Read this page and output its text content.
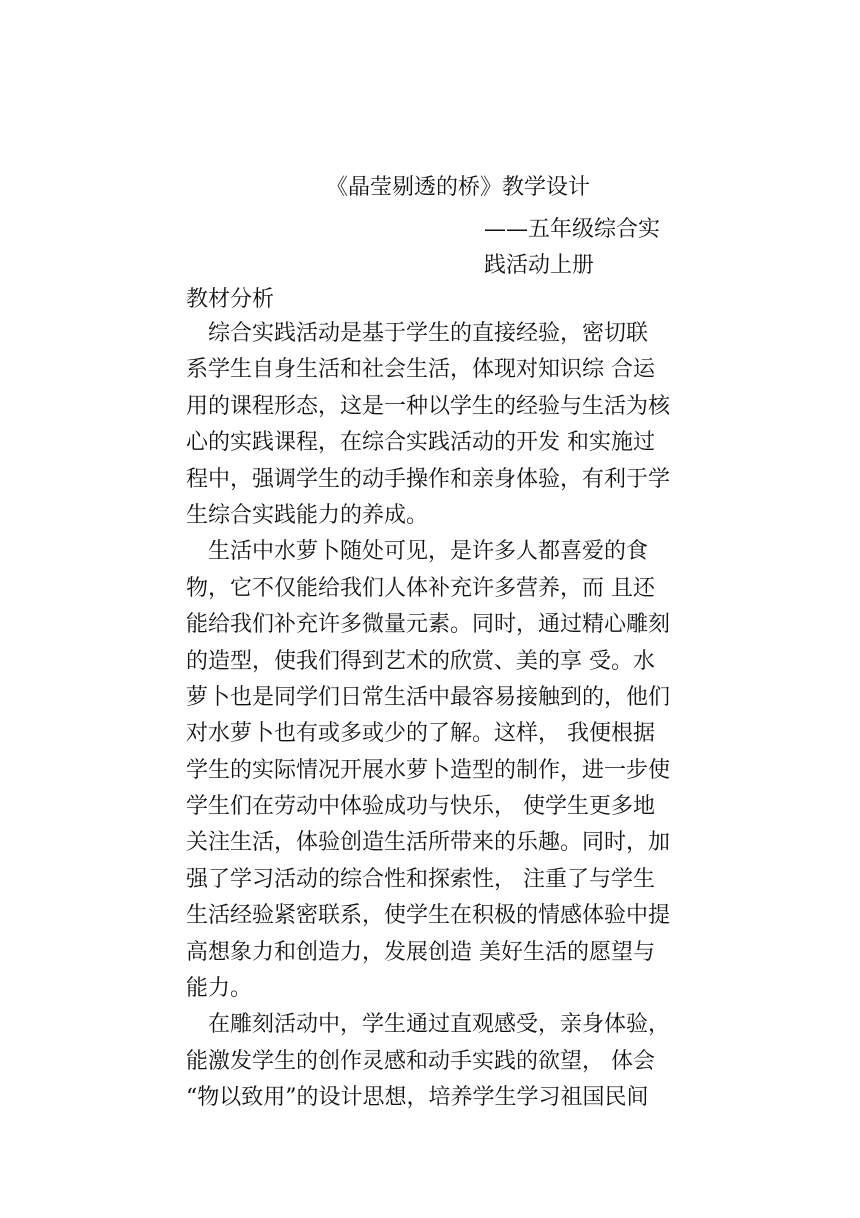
《晶莹剔透的桥》教学设计
——五年级综合实
践活动上册
教材分析
　综合实践活动是基于学生的直接经验，密切联
系学生自身生活和社会生活，体现对知识综 合运
用的课程形态，这是一种以学生的经验与生活为核
心的实践课程，在综合实践活动的开发 和实施过
程中，强调学生的动手操作和亲身体验，有利于学
生综合实践能力的养成。
　生活中水萝卜随处可见，是许多人都喜爱的食
物，它不仅能给我们人体补充许多营养，而 且还
能给我们补充许多微量元素。同时，通过精心雕刻
的造型，使我们得到艺术的欣赏、美的享 受。水
萝卜也是同学们日常生活中最容易接触到的，他们
对水萝卜也有或多或少的了解。这样， 我便根据
学生的实际情况开展水萝卜造型的制作，进一步使
学生们在劳动中体验成功与快乐， 使学生更多地
关注生活，体验创造生活所带来的乐趣。同时，加
强了学习活动的综合性和探索性， 注重了与学生
生活经验紧密联系，使学生在积极的情感体验中提
高想象力和创造力，发展创造 美好生活的愿望与
能力。
　在雕刻活动中，学生通过直观感受，亲身体验，
能激发学生的创作灵感和动手实践的欲望， 体会
“物以致用”的设计思想，培养学生学习祖国民间
